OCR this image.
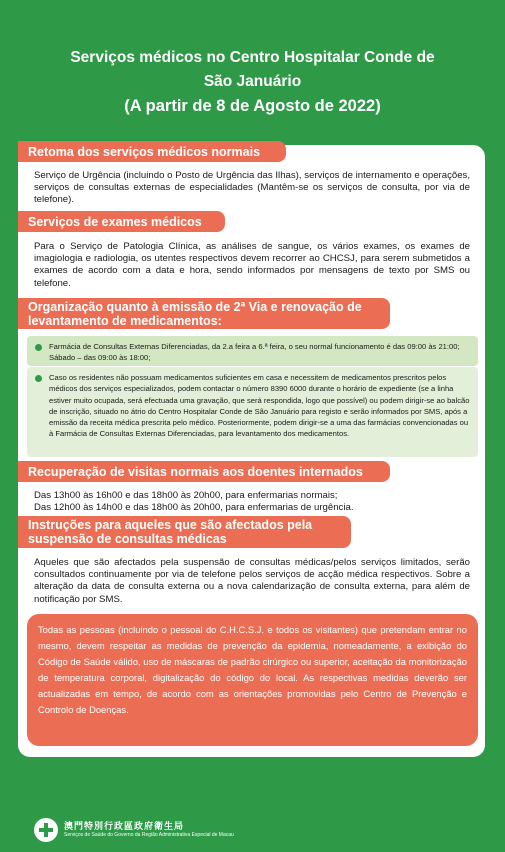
Serviços médicos no Centro Hospitalar Conde de
São Januário
(A partir de 8 de Agosto de 2022)
Retoma dos serviços médicos normais
Serviço de Urgência (incluindo o Posto de Urgência das Ilhas), serviços de internamento e operações, serviços de consultas externas de especialidades (Mantêm-se os serviços de consulta, por via de telefone).
Serviços de exames médicos
Para o Serviço de Patologia Clínica, as análises de sangue, os vários exames, os exames de imagiologia e radiologia, os utentes respectivos devem recorrer ao CHCSJ, para serem submetidos a exames de acordo com a data e hora, sendo informados por mensagens de texto por SMS ou telefone.
Organização quanto à emissão de 2ª Via e renovação de
levantamento de medicamentos:
Farmácia de Consultas Externas Diferenciadas, da 2.a feira a 6.ª feira, o seu normal funcionamento é das 09:00 às 21:00; Sábado – das 09:00 às 18:00;
Caso os residentes não possuam medicamentos suficientes em casa e necessitem de medicamentos prescritos pelos médicos dos serviços especializados, podem contactar o número 8390 6000 durante o horário de expediente (se a linha estiver muito ocupada, será efectuada uma gravação, que será respondida, logo que possível) ou podem dirigir-se ao balcão de inscrição, situado no átrio do Centro Hospitalar Conde de São Januário para registo e serão informados por SMS, após a emissão da receita médica prescrita pelo médico. Posteriormente, podem dirigir-se a uma das farmácias convencionadas ou à Farmácia de Consultas Externas Diferenciadas, para levantamento dos medicamentos.
Recuperação de visitas normais aos doentes internados
Das 13h00 às 16h00 e das 18h00 às 20h00, para enfermarias normais;
Das 12h00 às 14h00 e das 18h00 às 20h00, para enfermarias de urgência.
Instruções para aqueles que são afectados pela
suspensão de consultas médicas
Aqueles que são afectados pela suspensão de consultas médicas/pelos serviços limitados, serão consultados continuamente por via de telefone pelos serviços de acção médica respectivos. Sobre a alteração da data de consulta externa ou a nova calendarização de consulta externa, para além de notificação por SMS.
Todas as pessoas (incluindo o pessoal do C.H.C.S.J. e todos os visitantes) que pretendam entrar no mesmo, devem respeitar as medidas de prevenção da epidemia, nomeadamente, a exibição do Código de Saúde válido, uso de máscaras de padrão cirúrgico ou superior, aceitação da monitorização de temperatura corporal, digitalização do código do local. As respectivas medidas deverão ser actualizadas em tempo, de acordo com as orientações promovidas pelo Centro de Prevenção e Controlo de Doenças.
澳門特別行政區政府衛生局
Serviços de Saúde do Governo da Região Administrativa Especial de Macau
